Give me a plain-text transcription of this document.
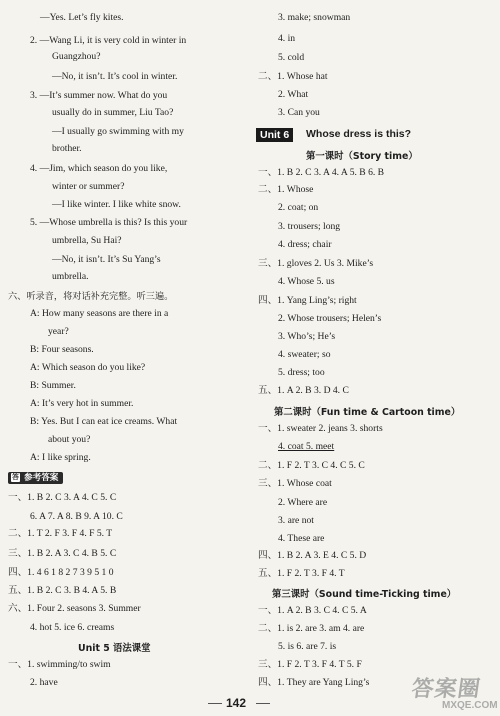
—Yes. Let’s fly kites.
2. —Wang Li, it is very cold in winter in
Guangzhou?
—No, it isn’t. It’s cool in winter.
3. —It’s summer now. What do you
usually do in summer, Liu Tao?
—I usually go swimming with my
brother.
4. —Jim, which season do you like,
winter or summer?
—I like winter. I like white snow.
5. —Whose umbrella is this? Is this your
umbrella, Su Hai?
—No, it isn’t. It’s Su Yang’s
umbrella.
六、听录音，将对话补充完整。听三遍。
A: How many seasons are there in a
year?
B: Four seasons.
A: Which season do you like?
B: Summer.
A: It’s very hot in summer.
B: Yes. But I can eat ice creams. What
about you?
A: I like spring.
答 参考答案
一、1. B 2. C 3. A 4. C 5. C
6. A 7. A 8. B 9. A 10. C
二、1. T 2. F 3. F 4. F 5. T
三、1. B 2. A 3. C 4. B 5. C
四、1. 4 6 1 8 2 7 3 9 5 1 0
五、1. B 2. C 3. B 4. A 5. B
六、1. Four 2. seasons 3. Summer
4. hot 5. ice 6. creams
Unit 5 语法课堂
一、1. swimming/to swim
2. have
3. make; snowman
4. in
5. cold
二、1. Whose hat
2. What
3. Can you
Unit 6	Whose dress is this?
第一课时（Story time）
一、1. B 2. C 3. A 4. A 5. B 6. B
二、1. Whose
2. coat; on
3. trousers; long
4. dress; chair
三、1. gloves 2. Us 3. Mike’s
4. Whose 5. us
四、1. Yang Ling’s; right
2. Whose trousers; Helen’s
3. Who’s; He’s
4. sweater; so
5. dress; too
五、1. A 2. B 3. D 4. C
第二课时（Fun time & Cartoon time）
一、1. sweater 2. jeans 3. shorts
4. coat 5. meet
二、1. F 2. T 3. C 4. C 5. C
三、1. Whose coat
2. Where are
3. are not
4. These are
四、1. B 2. A 3. E 4. C 5. D
五、1. F 2. T 3. F 4. T
第三课时（Sound time-Ticking time）
一、1. A 2. B 3. C 4. C 5. A
二、1. is 2. are 3. am 4. are
5. is 6. are 7. is
三、1. F 2. T 3. F 4. T 5. F
四、1. They are Yang Ling’s
142
答案圈
MXQE.COM
